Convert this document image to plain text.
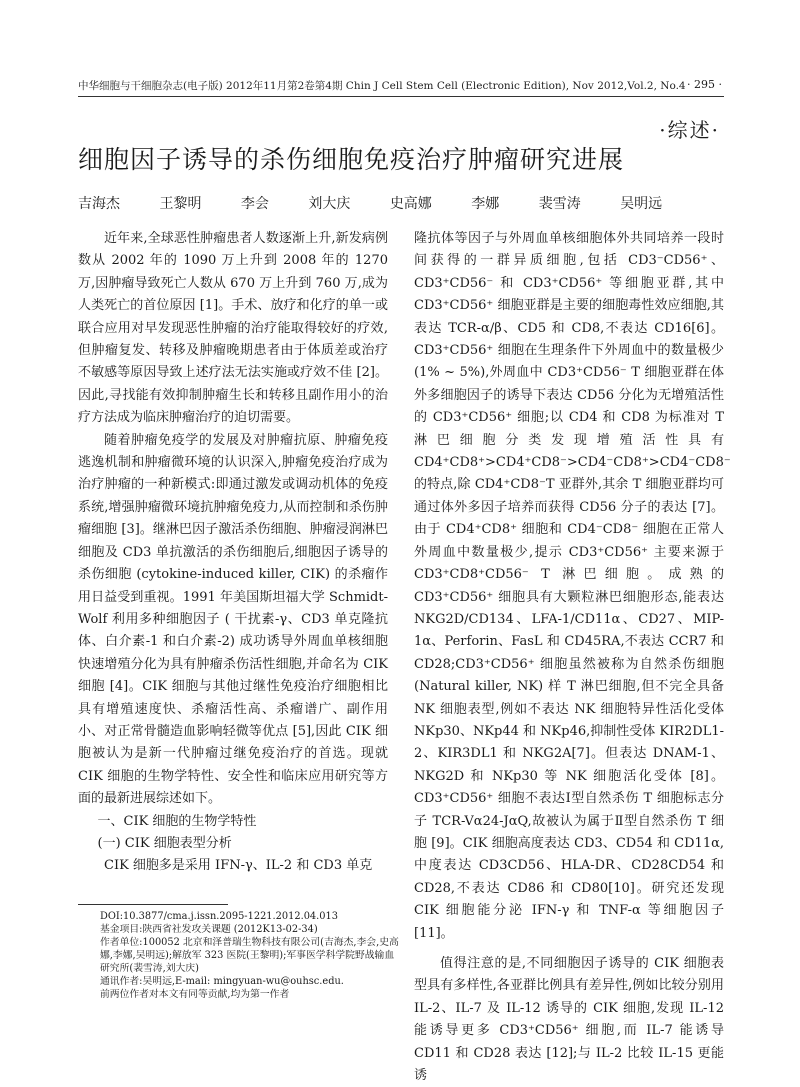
中华细胞与干细胞杂志(电子版) 2012年11月第2卷第4期 Chin J Cell Stem Cell (Electronic Edition), Nov 2012,Vol.2, No.4 · 295 ·
·综述·
细胞因子诱导的杀伤细胞免疫治疗肿瘤研究进展
吉海杰	王黎明	李会	刘大庆	史高娜	李娜	裴雪涛	吴明远

近年来,全球恶性肿瘤患者人数逐渐上升,新发病例数从 2002 年的 1090 万上升到 2008 年的 1270 万,因肿瘤导致死亡人数从 670 万上升到 760 万,成为人类死亡的首位原因 [1]。手术、放疗和化疗的单一或联合应用对早发现恶性肿瘤的治疗能取得较好的疗效,但肿瘤复发、转移及肿瘤晚期患者由于体质差或治疗不敏感等原因导致上述疗法无法实施或疗效不佳 [2]。因此,寻找能有效抑制肿瘤生长和转移且副作用小的治疗方法成为临床肿瘤治疗的迫切需要。

随着肿瘤免疫学的发展及对肿瘤抗原、肿瘤免疫逃逸机制和肿瘤微环境的认识深入,肿瘤免疫治疗成为治疗肿瘤的一种新模式:即通过激发或调动机体的免疫系统,增强肿瘤微环境抗肿瘤免疫力,从而控制和杀伤肿瘤细胞 [3]。继淋巴因子激活杀伤细胞、肿瘤浸润淋巴细胞及 CD3 单抗激活的杀伤细胞后,细胞因子诱导的杀伤细胞 (cytokine-induced killer, CIK) 的杀瘤作用日益受到重视。1991 年美国斯坦福大学 Schmidt-Wolf 利用多种细胞因子 ( 干扰素-γ、CD3 单克隆抗体、白介素-1 和白介素-2) 成功诱导外周血单核细胞快速增殖分化为具有肿瘤杀伤活性细胞,并命名为 CIK 细胞 [4]。CIK 细胞与其他过继性免疫治疗细胞相比具有增殖速度快、杀瘤活性高、杀瘤谱广、副作用小、对正常骨髓造血影响轻微等优点 [5],因此 CIK 细胞被认为是新一代肿瘤过继免疫治疗的首选。现就 CIK 细胞的生物学特性、安全性和临床应用研究等方面的最新进展综述如下。

一、CIK 细胞的生物学特性

(一) CIK 细胞表型分析

CIK 细胞多是采用 IFN-γ、IL-2 和 CD3 单克

隆抗体等因子与外周血单核细胞体外共同培养一段时间获得的一群异质细胞,包括 CD3⁻CD56⁺、CD3⁺CD56⁻ 和 CD3⁺CD56⁺ 等细胞亚群,其中 CD3⁺CD56⁺ 细胞亚群是主要的细胞毒性效应细胞,其表达 TCR-α/β、CD5 和 CD8,不表达 CD16[6]。CD3⁺CD56⁺ 细胞在生理条件下外周血中的数量极少 (1% ~ 5%),外周血中 CD3⁺CD56⁻ T 细胞亚群在体外多细胞因子的诱导下表达 CD56 分化为无增殖活性的 CD3⁺CD56⁺ 细胞;以 CD4 和 CD8 为标准对 T 淋巴细胞分类发现增殖活性具有 CD4⁺CD8⁺>CD4⁺CD8⁻>CD4⁻CD8⁺>CD4⁻CD8⁻ 的特点,除 CD4⁺CD8⁻T 亚群外,其余 T 细胞亚群均可通过体外多因子培养而获得 CD56 分子的表达 [7]。由于 CD4⁺CD8⁺ 细胞和 CD4⁻CD8⁻ 细胞在正常人外周血中数量极少,提示 CD3⁺CD56⁺ 主要来源于 CD3⁺CD8⁺CD56⁻ T 淋巴细胞。成熟的 CD3⁺CD56⁺ 细胞具有大颗粒淋巴细胞形态,能表达 NKG2D/CD134、LFA-1/CD11α、CD27、MIP-1α、Perforin、FasL 和 CD45RA,不表达 CCR7 和 CD28;CD3⁺CD56⁺ 细胞虽然被称为自然杀伤细胞 (Natural killer, NK) 样 T 淋巴细胞,但不完全具备 NK 细胞表型,例如不表达 NK 细胞特异性活化受体 NKp30、NKp44 和 NKp46,抑制性受体 KIR2DL1-2、KIR3DL1 和 NKG2A[7]。但表达 DNAM-1、NKG2D 和 NKp30 等 NK 细胞活化受体 [8]。CD3⁺CD56⁺ 细胞不表达Ⅰ型自然杀伤 T 细胞标志分子 TCR-Vα24-JαQ,故被认为属于Ⅱ型自然杀伤 T 细胞 [9]。CIK 细胞高度表达 CD3、CD54 和 CD11α,中度表达 CD3CD56、HLA-DR、CD28CD54 和 CD28,不表达 CD86 和 CD80[10]。研究还发现 CIK 细胞能分泌 IFN-γ 和 TNF-α 等细胞因子 [11]。

值得注意的是,不同细胞因子诱导的 CIK 细胞表型具有多样性,各亚群比例具有差异性,例如比较分别用 IL-2、IL-7 及 IL-12 诱导的 CIK 细胞,发现 IL-12 能诱导更多 CD3⁺CD56⁺ 细胞,而 IL-7 能诱导 CD11 和 CD28 表达 [12];与 IL-2 比较 IL-15 更能诱

DOI:10.3877/cma.j.issn.2095-1221.2012.04.013
基金项目:陕西省社发攻关课题 (2012K13-02-34)
作者单位:100052 北京和泽普瑞生物科技有限公司(吉海杰,李会,史高娜,李娜,吴明远);解放军 323 医院(王黎明);军事医学科学院野战输血研究所(裴雪涛,刘大庆)
通讯作者:吴明远,E-mail: mingyuan-wu@ouhsc.edu.
前两位作者对本文有同等贡献,均为第一作者
